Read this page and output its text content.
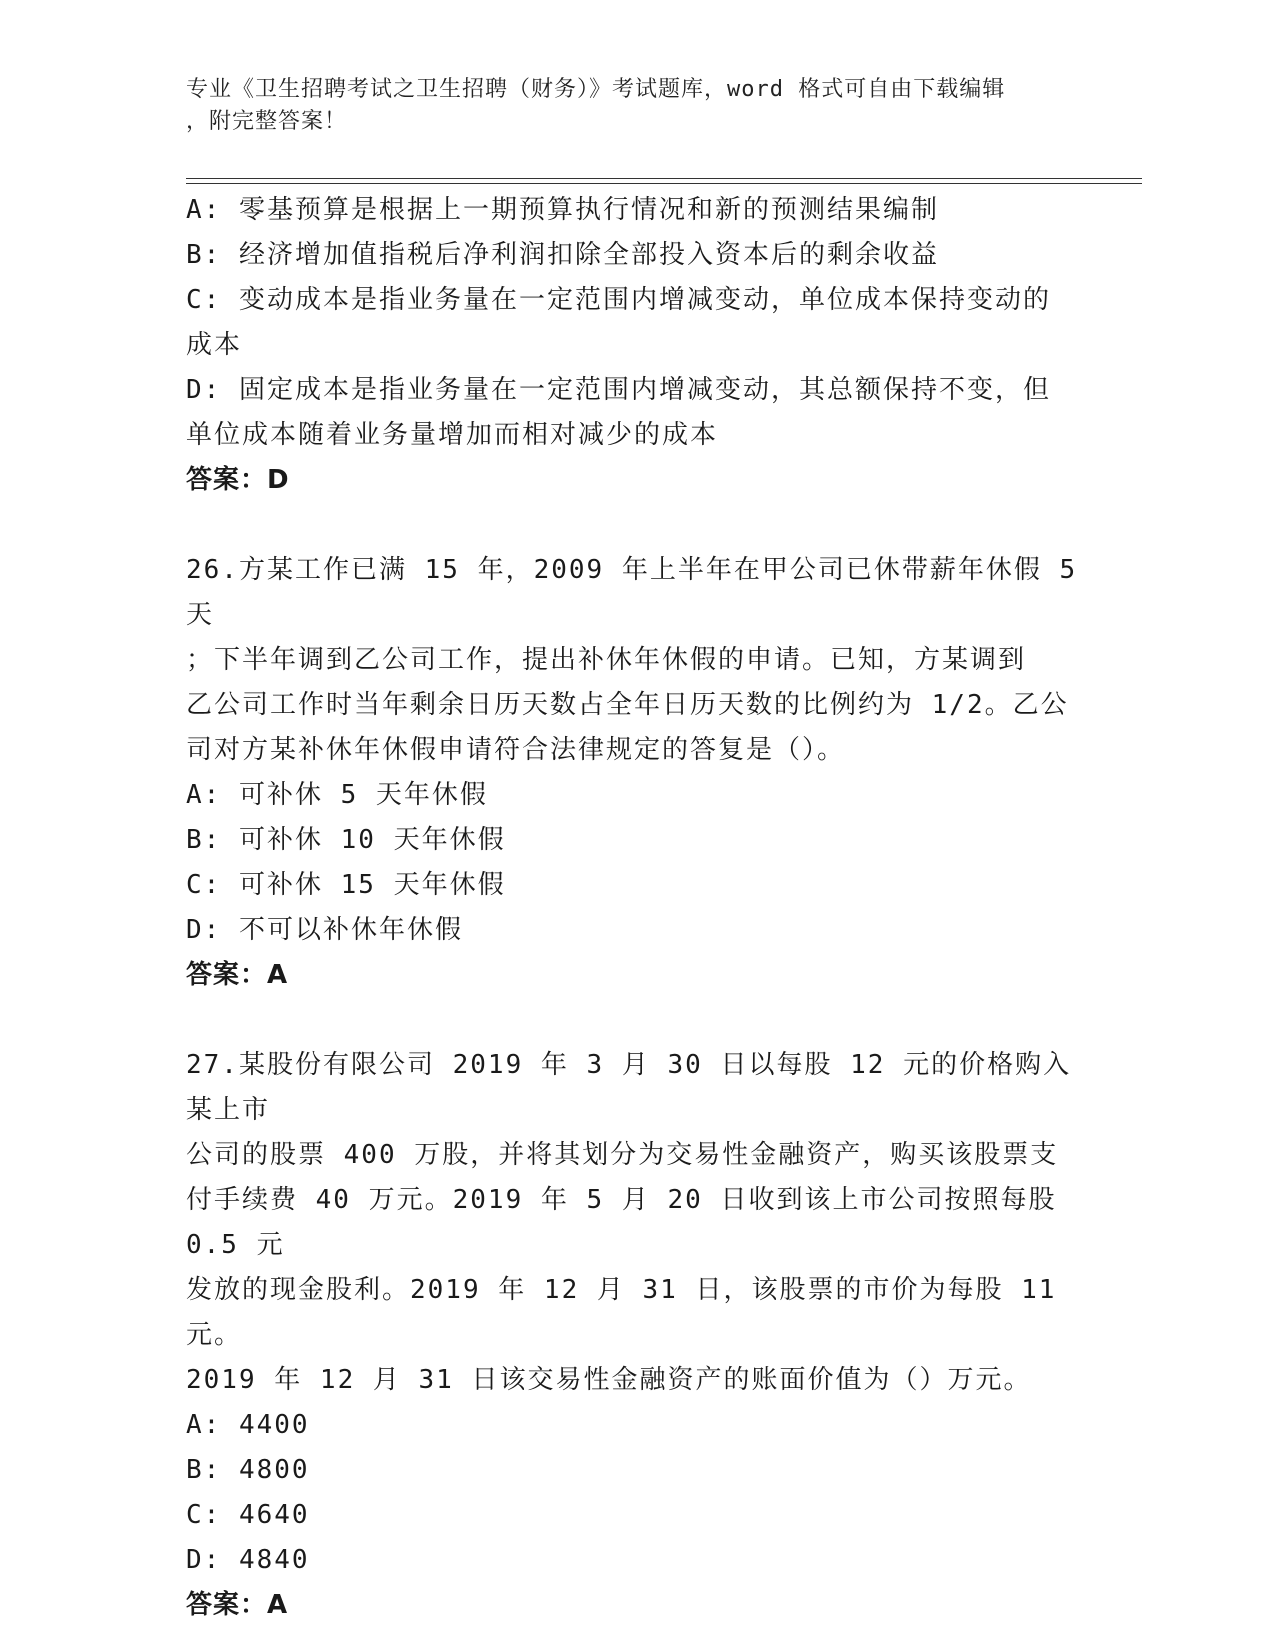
专业《卫生招聘考试之卫生招聘（财务）》考试题库，word 格式可自由下载编辑
，附完整答案！

A: 零基预算是根据上一期预算执行情况和新的预测结果编制

B: 经济增加值指税后净利润扣除全部投入资本后的剩余收益

C: 变动成本是指业务量在一定范围内增减变动，单位成本保持变动的

成本

D: 固定成本是指业务量在一定范围内增减变动，其总额保持不变，但

单位成本随着业务量增加而相对减少的成本

答案：D

26.方某工作已满 15 年，2009 年上半年在甲公司已休带薪年休假 5 天

；下半年调到乙公司工作，提出补休年休假的申请。已知，方某调到

乙公司工作时当年剩余日历天数占全年日历天数的比例约为 1/2。乙公

司对方某补休年休假申请符合法律规定的答复是（）。

A: 可补休 5 天年休假

B: 可补休 10 天年休假

C: 可补休 15 天年休假

D: 不可以补休年休假

答案：A

27.某股份有限公司 2019 年 3 月 30 日以每股 12 元的价格购入某上市

公司的股票 400 万股，并将其划分为交易性金融资产，购买该股票支

付手续费 40 万元。2019 年 5 月 20 日收到该上市公司按照每股 0.5 元

发放的现金股利。2019 年 12 月 31 日，该股票的市价为每股 11 元。

2019 年 12 月 31 日该交易性金融资产的账面价值为（）万元。

A: 4400

B: 4800

C: 4640

D: 4840

答案：A
